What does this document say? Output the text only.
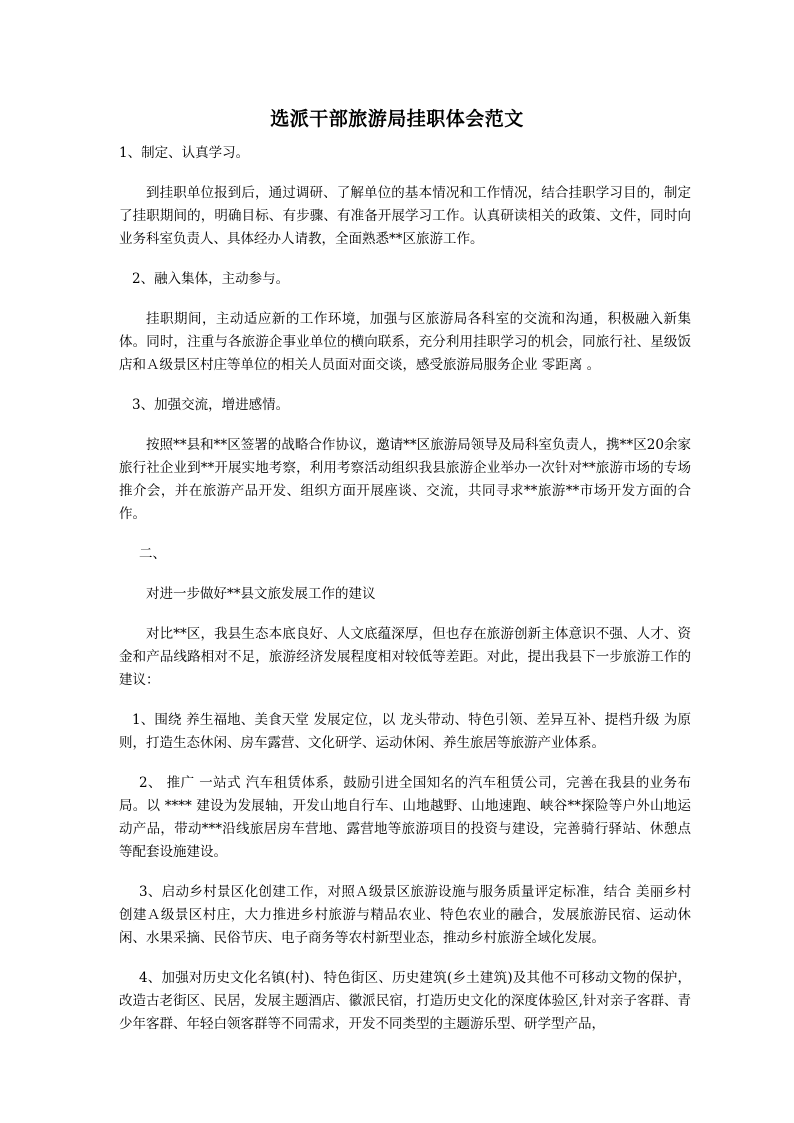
选派干部旅游局挂职体会范文

1、制定、认真学习。

到挂职单位报到后，通过调研、了解单位的基本情况和工作情况，结合挂职学习目的，制定了挂职期间的，明确目标、有步骤、有准备开展学习工作。认真研读相关的政策、文件，同时向业务科室负责人、具体经办人请教，全面熟悉**区旅游工作。

2、融入集体，主动参与。

挂职期间，主动适应新的工作环境，加强与区旅游局各科室的交流和沟通，积极融入新集体。同时，注重与各旅游企事业单位的横向联系，充分利用挂职学习的机会，同旅行社、星级饭店和Ａ级景区村庄等单位的相关人员面对面交谈，感受旅游局服务企业 零距离 。

3、加强交流，增进感情。

按照**县和**区签署的战略合作协议，邀请**区旅游局领导及局科室负责人，携**区20余家旅行社企业到**开展实地考察，利用考察活动组织我县旅游企业举办一次针对**旅游市场的专场推介会，并在旅游产品开发、组织方面开展座谈、交流，共同寻求**旅游**市场开发方面的合作。

二、

对进一步做好**县文旅发展工作的建议

对比**区，我县生态本底良好、人文底蕴深厚，但也存在旅游创新主体意识不强、人才、资金和产品线路相对不足，旅游经济发展程度相对较低等差距。对此，提出我县下一步旅游工作的建议：

1、围绕 养生福地、美食天堂 发展定位，以 龙头带动、特色引领、差异互补、提档升级 为原则，打造生态休闲、房车露营、文化研学、运动休闲、养生旅居等旅游产业体系。

2、 推广 一站式 汽车租赁体系，鼓励引进全国知名的汽车租赁公司，完善在我县的业务布局。以 **** 建设为发展轴，开发山地自行车、山地越野、山地速跑、峡谷**探险等户外山地运动产品，带动***沿线旅居房车营地、露营地等旅游项目的投资与建设，完善骑行驿站、休憩点等配套设施建设。

3、启动乡村景区化创建工作，对照Ａ级景区旅游设施与服务质量评定标准，结合 美丽乡村 创建Ａ级景区村庄，大力推进乡村旅游与精品农业、特色农业的融合，发展旅游民宿、运动休闲、水果采摘、民俗节庆、电子商务等农村新型业态，推动乡村旅游全域化发展。

4、加强对历史文化名镇(村)、特色街区、历史建筑(乡土建筑)及其他不可移动文物的保护，改造古老街区、民居，发展主题酒店、徽派民宿，打造历史文化的深度体验区,针对亲子客群、青少年客群、年轻白领客群等不同需求，开发不同类型的主题游乐型、研学型产品，
